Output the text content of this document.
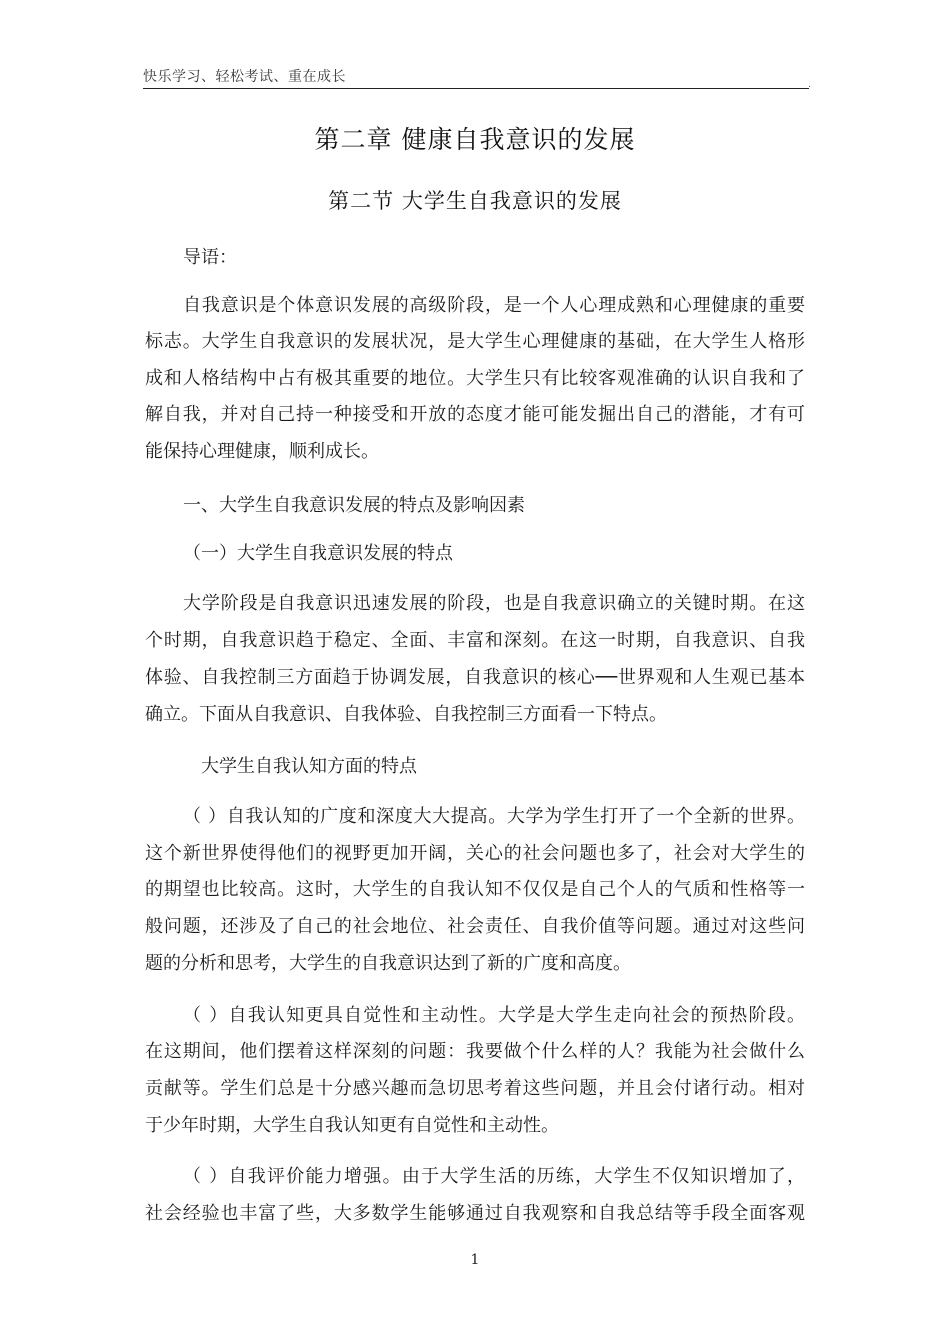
快乐学习、轻松考试、重在成长	.
第二章 健康自我意识的发展
第二节 大学生自我意识的发展
导语：
自我意识是个体意识发展的高级阶段，是一个人心理成熟和心理健康的重要
标志。大学生自我意识的发展状况，是大学生心理健康的基础，在大学生人格形
成和人格结构中占有极其重要的地位。大学生只有比较客观准确的认识自我和了
解自我，并对自己持一种接受和开放的态度才能可能发掘出自己的潜能，才有可
能保持心理健康，顺利成长。
一、大学生自我意识发展的特点及影响因素
（一）大学生自我意识发展的特点
大学阶段是自我意识迅速发展的阶段，也是自我意识确立的关键时期。在这
个时期，自我意识趋于稳定、全面、丰富和深刻。在这一时期，自我意识、自我
体验、自我控制三方面趋于协调发展，自我意识的核心──世界观和人生观已基本
确立。下面从自我意识、自我体验、自我控制三方面看一下特点。
大学生自我认知方面的特点
（ ）自我认知的广度和深度大大提高。大学为学生打开了一个全新的世界。
这个新世界使得他们的视野更加开阔，关心的社会问题也多了，社会对大学生的
的期望也比较高。这时，大学生的自我认知不仅仅是自己个人的气质和性格等一
般问题，还涉及了自己的社会地位、社会责任、自我价值等问题。通过对这些问
题的分析和思考，大学生的自我意识达到了新的广度和高度。
（ ）自我认知更具自觉性和主动性。大学是大学生走向社会的预热阶段。
在这期间，他们摆着这样深刻的问题：我要做个什么样的人？我能为社会做什么
贡献等。学生们总是十分感兴趣而急切思考着这些问题，并且会付诸行动。相对
于少年时期，大学生自我认知更有自觉性和主动性。
（ ）自我评价能力增强。由于大学生活的历练，大学生不仅知识增加了，
社会经验也丰富了些，大多数学生能够通过自我观察和自我总结等手段全面客观
1
